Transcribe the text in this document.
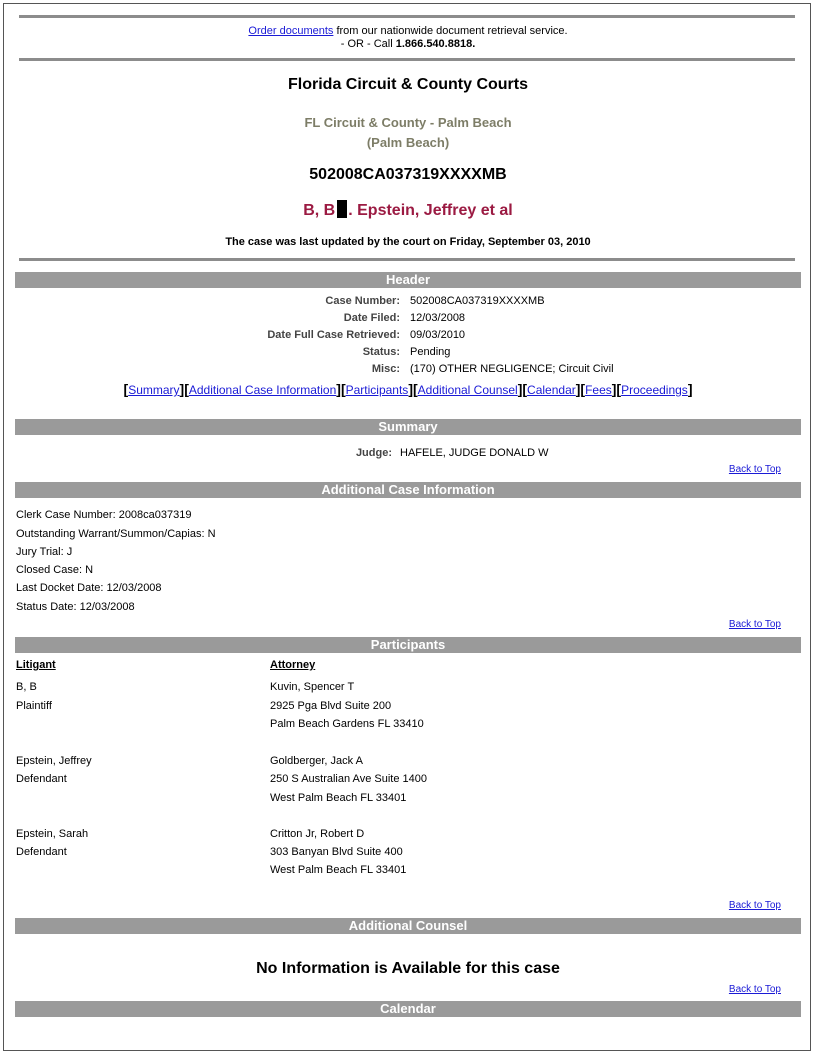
Order documents from our nationwide document retrieval service.
- OR - Call 1.866.540.8818.
Florida Circuit & County Courts
FL Circuit & County - Palm Beach
(Palm Beach)
502008CA037319XXXXMB
B, B . Epstein, Jeffrey et al
The case was last updated by the court on Friday, September 03, 2010
Header
Case Number: 502008CA037319XXXXMB
Date Filed: 12/03/2008
Date Full Case Retrieved: 09/03/2010
Status: Pending
Misc: (170) OTHER NEGLIGENCE; Circuit Civil
[Summary][Additional Case Information][Participants][Additional Counsel][Calendar][Fees][Proceedings]
Summary
Judge: HAFELE, JUDGE DONALD W
Back to Top
Additional Case Information
Clerk Case Number: 2008ca037319
Outstanding Warrant/Summon/Capias: N
Jury Trial: J
Closed Case: N
Last Docket Date: 12/03/2008
Status Date: 12/03/2008
Back to Top
Participants
Litigant	Attorney
B, B
Plaintiff
Kuvin, Spencer T
2925 Pga Blvd Suite 200
Palm Beach Gardens FL 33410
Epstein, Jeffrey
Defendant
Goldberger, Jack A
250 S Australian Ave Suite 1400
West Palm Beach FL 33401
Epstein, Sarah
Defendant
Critton Jr, Robert D
303 Banyan Blvd Suite 400
West Palm Beach FL 33401
Back to Top
Additional Counsel
No Information is Available for this case
Back to Top
Calendar
